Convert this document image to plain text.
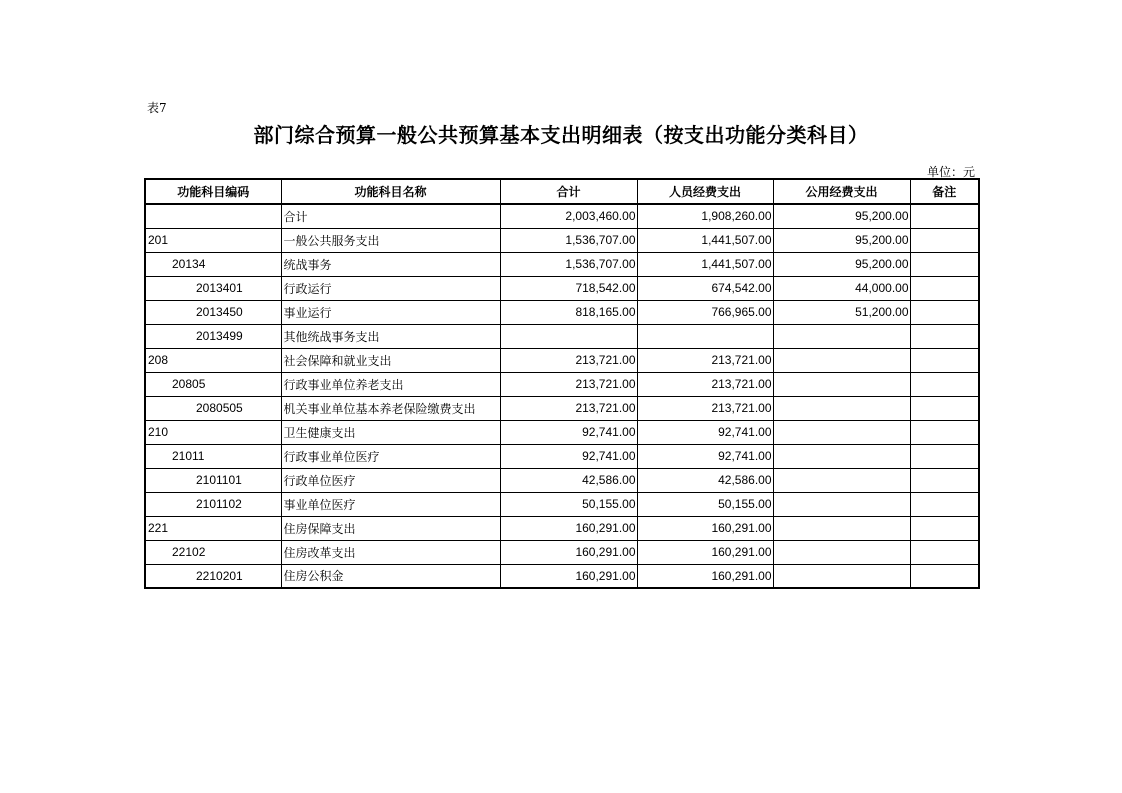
表7
部门综合预算一般公共预算基本支出明细表（按支出功能分类科目）
单位：元
功能科目编码	功能科目名称	合计	人员经费支出	公用经费支出	备注
	合计	2,003,460.00	1,908,260.00	95,200.00	
201	一般公共服务支出	1,536,707.00	1,441,507.00	95,200.00	
20134	统战事务	1,536,707.00	1,441,507.00	95,200.00	
2013401	行政运行	718,542.00	674,542.00	44,000.00	
2013450	事业运行	818,165.00	766,965.00	51,200.00	
2013499	其他统战事务支出				
208	社会保障和就业支出	213,721.00	213,721.00		
20805	行政事业单位养老支出	213,721.00	213,721.00		
2080505	机关事业单位基本养老保险缴费支出	213,721.00	213,721.00		
210	卫生健康支出	92,741.00	92,741.00		
21011	行政事业单位医疗	92,741.00	92,741.00		
2101101	行政单位医疗	42,586.00	42,586.00		
2101102	事业单位医疗	50,155.00	50,155.00		
221	住房保障支出	160,291.00	160,291.00		
22102	住房改革支出	160,291.00	160,291.00		
2210201	住房公积金	160,291.00	160,291.00		
